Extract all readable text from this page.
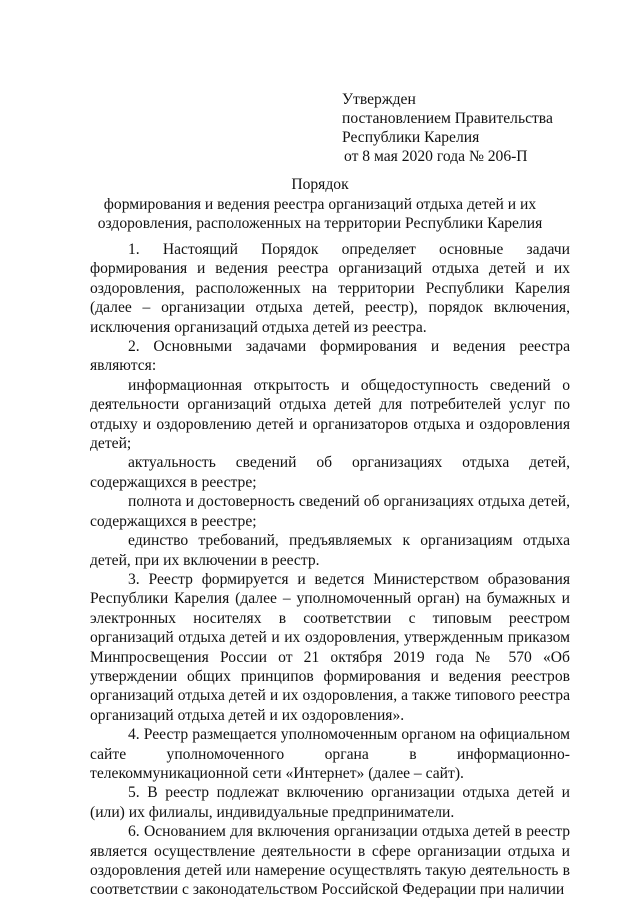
Утвержден
постановлением Правительства
Республики Карелия
от 8 мая 2020 года № 206-П
Порядок
формирования и ведения реестра организаций отдыха детей и их
оздоровления, расположенных на территории Республики Карелия

1. Настоящий Порядок определяет основные задачи формирования и ведения реестра организаций отдыха детей и их оздоровления, расположенных на территории Республики Карелия (далее – организации отдыха детей, реестр), порядок включения, исключения организаций отдыха детей из реестра.

2. Основными задачами формирования и ведения реестра являются:

информационная открытость и общедоступность сведений о деятельности организаций отдыха детей для потребителей услуг по отдыху и оздоровлению детей и организаторов отдыха и оздоровления детей;

актуальность сведений об организациях отдыха детей, содержащихся в реестре;

полнота и достоверность сведений об организациях отдыха детей, содержащихся в реестре;

единство требований, предъявляемых к организациям отдыха детей, при их включении в реестр.

3. Реестр формируется и ведется Министерством образования Республики Карелия (далее – уполномоченный орган) на бумажных и электронных носителях в соответствии с типовым реестром организаций отдыха детей и их оздоровления, утвержденным приказом Минпросвещения России от 21 октября 2019 года № 570 «Об утверждении общих принципов формирования и ведения реестров организаций отдыха детей и их оздоровления, а также типового реестра организаций отдыха детей и их оздоровления».

4. Реестр размещается уполномоченным органом на официальном сайте уполномоченного органа в информационно-телекоммуникационной сети «Интернет» (далее – сайт).

5. В реестр подлежат включению организации отдыха детей и (или) их филиалы, индивидуальные предприниматели.

6. Основанием для включения организации отдыха детей в реестр является осуществление деятельности в сфере организации отдыха и оздоровления детей или намерение осуществлять такую деятельность в соответствии с законодательством Российской Федерации при наличии
